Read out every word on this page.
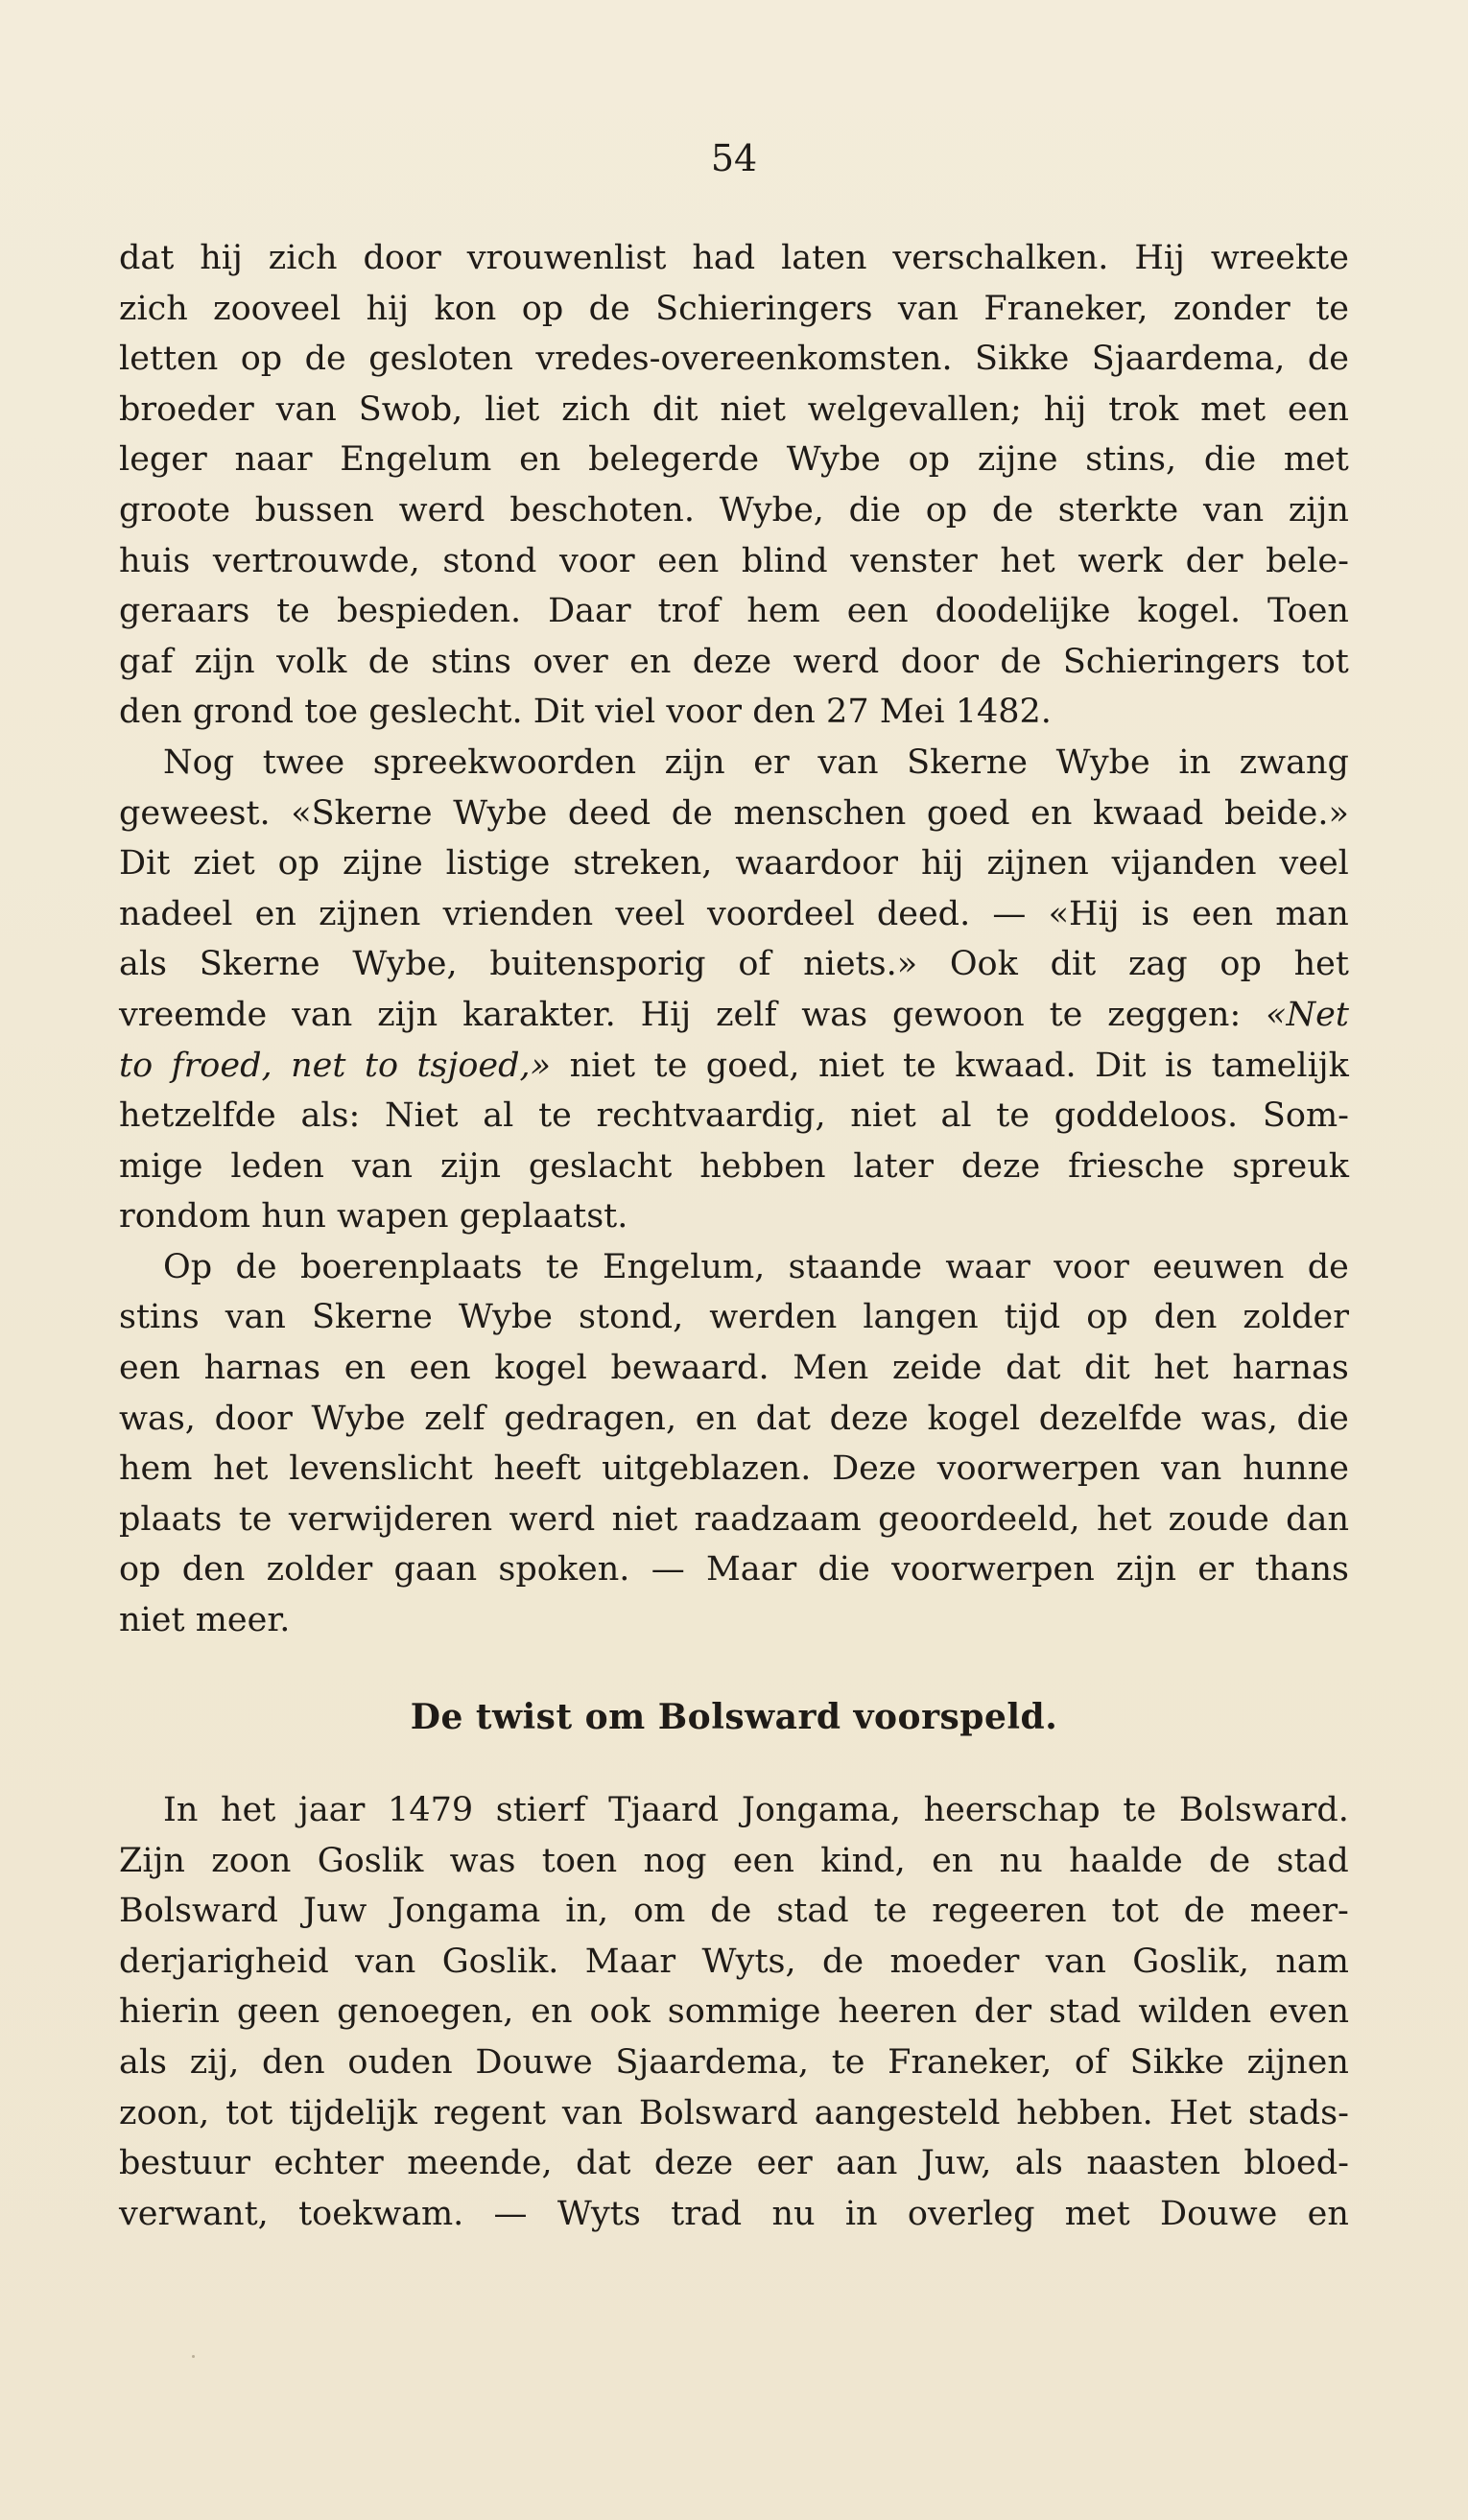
54
dat hij zich door vrouwenlist had laten verschalken. Hij wreekte
zich zooveel hij kon op de Schieringers van Franeker, zonder te
letten op de gesloten vredes-overeenkomsten. Sikke Sjaardema, de
broeder van Swob, liet zich dit niet welgevallen; hij trok met een
leger naar Engelum en belegerde Wybe op zijne stins, die met
groote bussen werd beschoten. Wybe, die op de sterkte van zijn
huis vertrouwde, stond voor een blind venster het werk der bele-
geraars te bespieden. Daar trof hem een doodelijke kogel. Toen
gaf zijn volk de stins over en deze werd door de Schieringers tot
den grond toe geslecht. Dit viel voor den 27 Mei 1482.
Nog twee spreekwoorden zijn er van Skerne Wybe in zwang
geweest. «Skerne Wybe deed de menschen goed en kwaad beide.»
Dit ziet op zijne listige streken, waardoor hij zijnen vijanden veel
nadeel en zijnen vrienden veel voordeel deed. — «Hij is een man
als Skerne Wybe, buitensporig of niets.» Ook dit zag op het
vreemde van zijn karakter. Hij zelf was gewoon te zeggen: «Net
to froed, net to tsjoed,» niet te goed, niet te kwaad. Dit is tamelijk
hetzelfde als: Niet al te rechtvaardig, niet al te goddeloos. Som-
mige leden van zijn geslacht hebben later deze friesche spreuk
rondom hun wapen geplaatst.
Op de boerenplaats te Engelum, staande waar voor eeuwen de
stins van Skerne Wybe stond, werden langen tijd op den zolder
een harnas en een kogel bewaard. Men zeide dat dit het harnas
was, door Wybe zelf gedragen, en dat deze kogel dezelfde was, die
hem het levenslicht heeft uitgeblazen. Deze voorwerpen van hunne
plaats te verwijderen werd niet raadzaam geoordeeld, het zoude dan
op den zolder gaan spoken. — Maar die voorwerpen zijn er thans
niet meer.
De twist om Bolsward voorspeld.
In het jaar 1479 stierf Tjaard Jongama, heerschap te Bolsward.
Zijn zoon Goslik was toen nog een kind, en nu haalde de stad
Bolsward Juw Jongama in, om de stad te regeeren tot de meer-
derjarigheid van Goslik. Maar Wyts, de moeder van Goslik, nam
hierin geen genoegen, en ook sommige heeren der stad wilden even
als zij, den ouden Douwe Sjaardema, te Franeker, of Sikke zijnen
zoon, tot tijdelijk regent van Bolsward aangesteld hebben. Het stads-
bestuur echter meende, dat deze eer aan Juw, als naasten bloed-
verwant, toekwam. — Wyts trad nu in overleg met Douwe en
